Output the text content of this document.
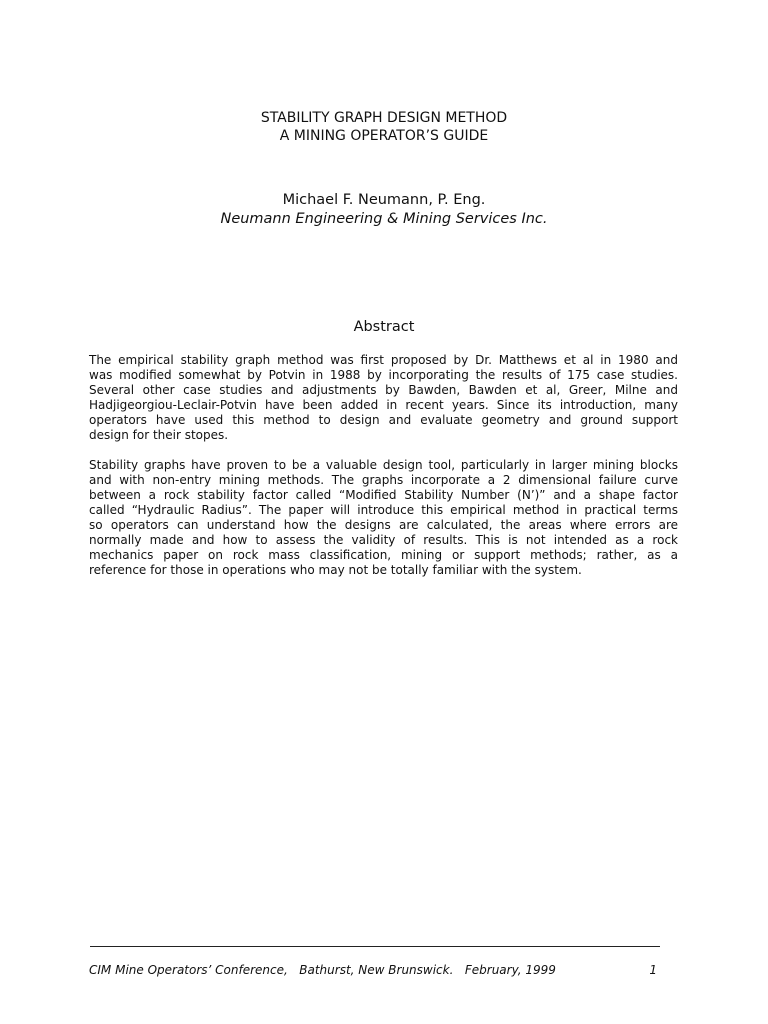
STABILITY GRAPH DESIGN METHOD
A MINING OPERATOR’S GUIDE
Michael F. Neumann, P. Eng.
Neumann Engineering & Mining Services Inc.
Abstract

The empirical stability graph method was first proposed by Dr. Matthews et al in 1980 and
was modified somewhat by Potvin in 1988 by incorporating the results of 175 case studies.
Several other case studies and adjustments by Bawden, Bawden et al, Greer, Milne and
Hadjigeorgiou-Leclair-Potvin have been added in recent years. Since its introduction, many
operators have used this method to design and evaluate geometry and ground support
design for their stopes.

Stability graphs have proven to be a valuable design tool, particularly in larger mining blocks
and with non-entry mining methods. The graphs incorporate a 2 dimensional failure curve
between a rock stability factor called “Modified Stability Number (N’)” and a shape factor
called “Hydraulic Radius”. The paper will introduce this empirical method in practical terms
so operators can understand how the designs are calculated, the areas where errors are
normally made and how to assess the validity of results. This is not intended as a rock
mechanics paper on rock mass classification, mining or support methods; rather, as a
reference for those in operations who may not be totally familiar with the system.

CIM Mine Operators’ Conference,   Bathurst, New Brunswick.   February, 1999	1
